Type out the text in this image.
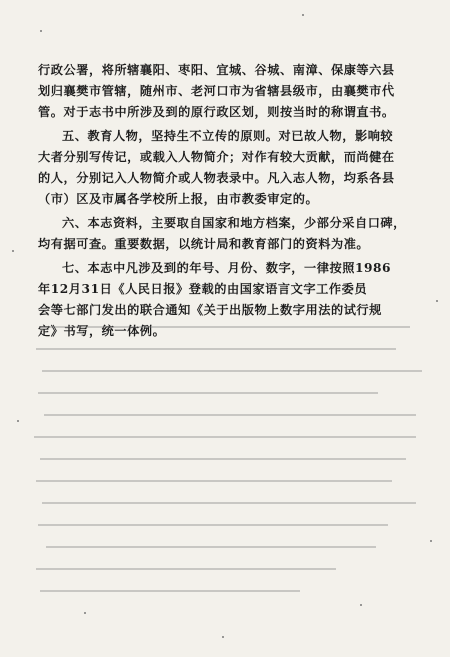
行政公署，将所辖襄阳、枣阳、宜城、谷城、南漳、保康等六县
划归襄樊市管辖，随州市、老河口市为省辖县级市，由襄樊市代
管。对于志书中所涉及到的原行政区划，则按当时的称谓直书。
五、教育人物，坚持生不立传的原则。对已故人物，影响较
大者分别写传记，或载入人物简介；对作有较大贡献，而尚健在
的人，分别记入人物简介或人物表录中。凡入志人物，均系各县
（市）区及市属各学校所上报，由市教委审定的。
六、本志资料，主要取自国家和地方档案，少部分采自口碑，
均有据可查。重要数据，以统计局和教育部门的资料为准。
七、本志中凡涉及到的年号、月份、数字，一律按照1986
年12月31日《人民日报》登载的由国家语言文字工作委员
会等七部门发出的联合通知《关于出版物上数字用法的试行规
定》书写，统一体例。
